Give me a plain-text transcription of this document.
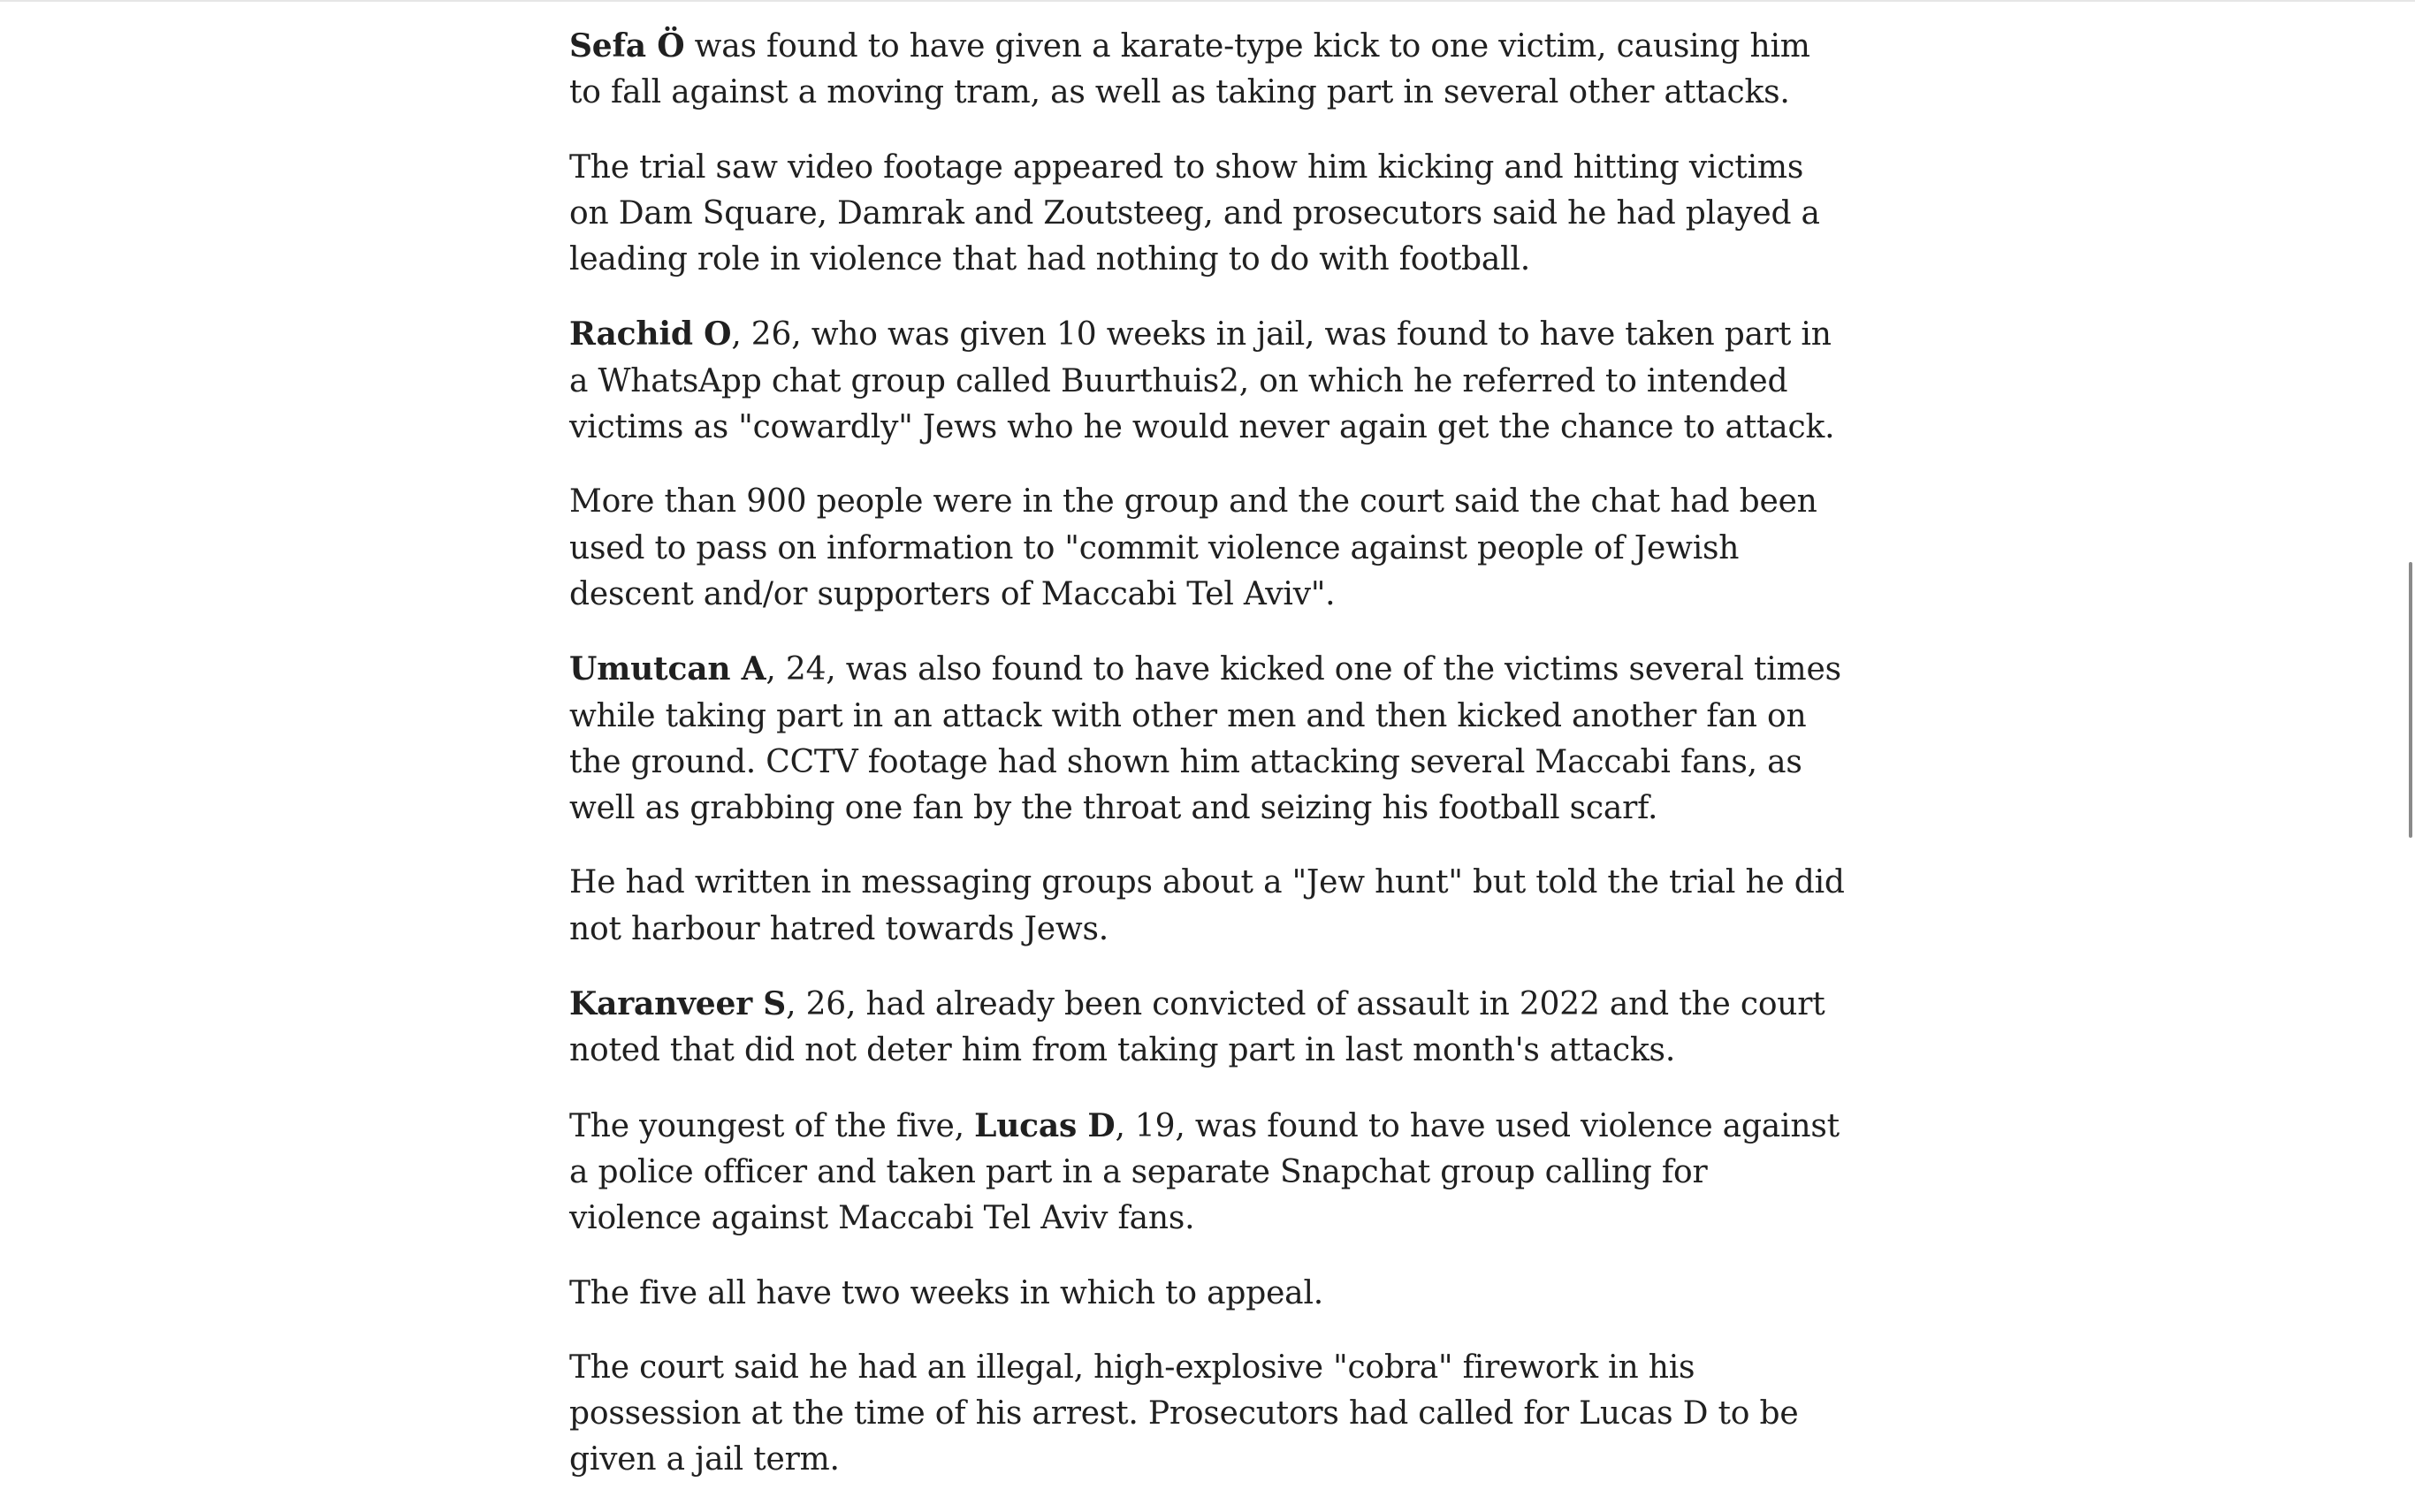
Sefa Ö was found to have given a karate-type kick to one victim, causing him to fall against a moving tram, as well as taking part in several other attacks.

The trial saw video footage appeared to show him kicking and hitting victims on Dam Square, Damrak and Zoutsteeg, and prosecutors said he had played a leading role in violence that had nothing to do with football.

Rachid O, 26, who was given 10 weeks in jail, was found to have taken part in a WhatsApp chat group called Buurthuis2, on which he referred to intended victims as "cowardly" Jews who he would never again get the chance to attack.

More than 900 people were in the group and the court said the chat had been used to pass on information to "commit violence against people of Jewish descent and/or supporters of Maccabi Tel Aviv".

Umutcan A, 24, was also found to have kicked one of the victims several times while taking part in an attack with other men and then kicked another fan on the ground. CCTV footage had shown him attacking several Maccabi fans, as well as grabbing one fan by the throat and seizing his football scarf.

He had written in messaging groups about a "Jew hunt" but told the trial he did not harbour hatred towards Jews.

Karanveer S, 26, had already been convicted of assault in 2022 and the court noted that did not deter him from taking part in last month's attacks.

The youngest of the five, Lucas D, 19, was found to have used violence against a police officer and taken part in a separate Snapchat group calling for violence against Maccabi Tel Aviv fans.

The five all have two weeks in which to appeal.

The court said he had an illegal, high-explosive "cobra" firework in his possession at the time of his arrest. Prosecutors had called for Lucas D to be given a jail term.
